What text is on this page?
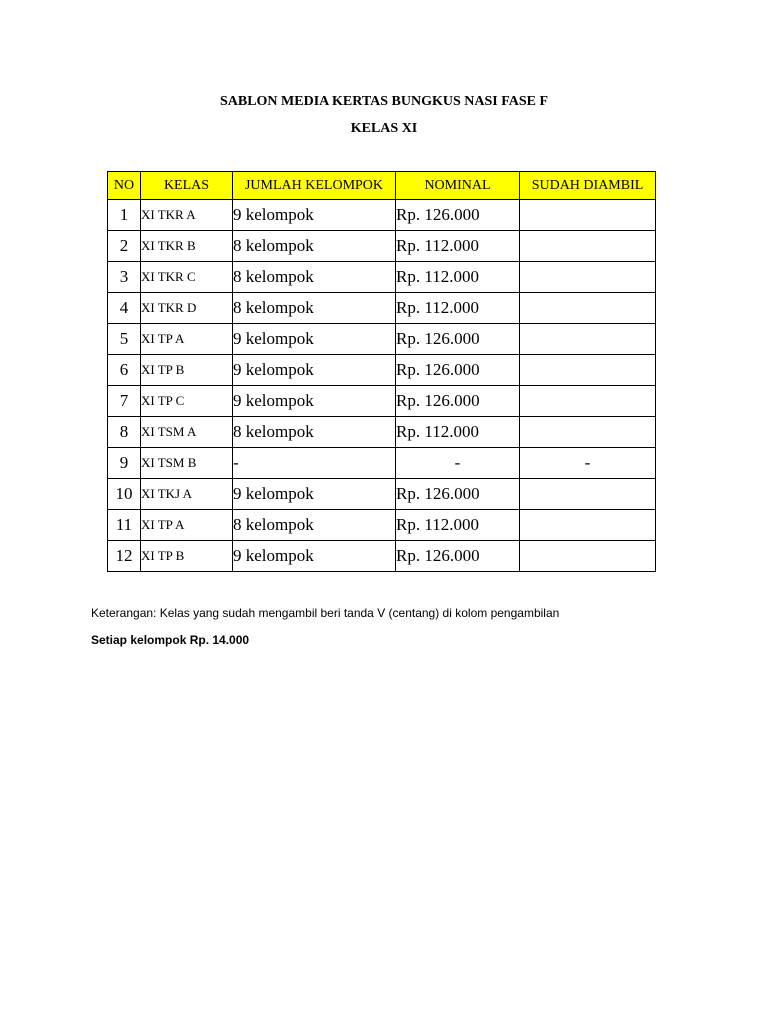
SABLON MEDIA KERTAS BUNGKUS NASI FASE F
KELAS XI
NO	KELAS	JUMLAH KELOMPOK	NOMINAL	SUDAH DIAMBIL
1	XI TKR A	9 kelompok	Rp. 126.000	
2	XI TKR B	8 kelompok	Rp. 112.000	
3	XI TKR C	8 kelompok	Rp. 112.000	
4	XI TKR D	8 kelompok	Rp. 112.000	
5	XI TP A	9 kelompok	Rp. 126.000	
6	XI TP B	9 kelompok	Rp. 126.000	
7	XI TP C	9 kelompok	Rp. 126.000	
8	XI TSM A	8 kelompok	Rp. 112.000	
9	XI TSM B	-	-	-
10	XI TKJ A	9 kelompok	Rp. 126.000	
11	XI TP A	8 kelompok	Rp. 112.000	
12	XI TP B	9 kelompok	Rp. 126.000	
Keterangan: Kelas yang sudah mengambil beri tanda V (centang) di kolom pengambilan
Setiap kelompok Rp. 14.000
